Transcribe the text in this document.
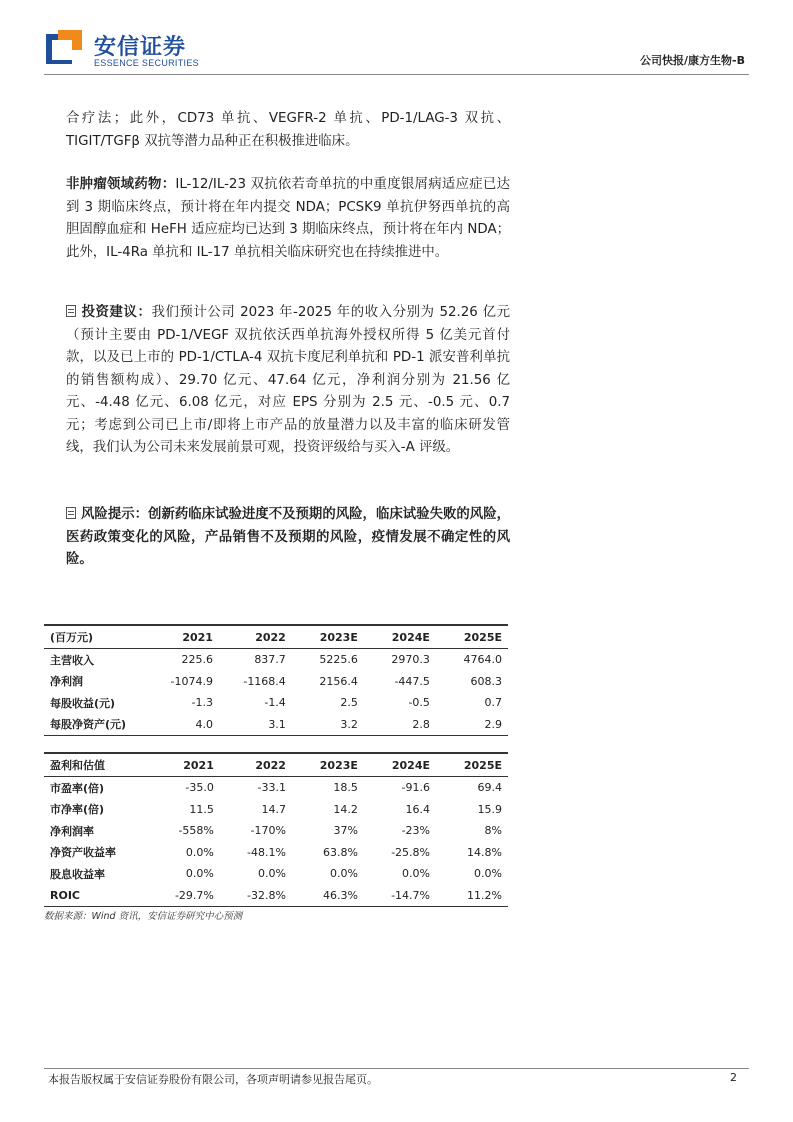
安信证券
ESSENCE SECURITIES	公司快报/康方生物-B
合疗法；此外，CD73 单抗、VEGFR-2 单抗、PD-1/LAG-3 双抗、TIGIT/TGFβ 双抗等潜力品种正在积极推进临床。
非肿瘤领域药物：IL-12/IL-23 双抗依若奇单抗的中重度银屑病适应症已达到 3 期临床终点，预计将在年内提交 NDA；PCSK9 单抗伊努西单抗的高胆固醇血症和 HeFH 适应症均已达到 3 期临床终点，预计将在年内 NDA；此外，IL-4Ra 单抗和 IL-17 单抗相关临床研究也在持续推进中。
投资建议：我们预计公司 2023 年-2025 年的收入分别为 52.26 亿元（预计主要由 PD-1/VEGF 双抗依沃西单抗海外授权所得 5 亿美元首付款，以及已上市的 PD-1/CTLA-4 双抗卡度尼利单抗和 PD-1 派安普利单抗的销售额构成）、29.70 亿元、47.64 亿元，净利润分别为 21.56 亿元、-4.48 亿元、6.08 亿元，对应 EPS 分别为 2.5 元、-0.5 元、0.7 元；考虑到公司已上市/即将上市产品的放量潜力以及丰富的临床研发管线，我们认为公司未来发展前景可观，投资评级给与买入-A 评级。
风险提示：创新药临床试验进度不及预期的风险，临床试验失败的风险，医药政策变化的风险，产品销售不及预期的风险，疫情发展不确定性的风险。
(百万元)	2021	2022	2023E	2024E	2025E
主营收入	225.6	837.7	5225.6	2970.3	4764.0
净利润	-1074.9	-1168.4	2156.4	-447.5	608.3
每股收益(元)	-1.3	-1.4	2.5	-0.5	0.7
每股净资产(元)	4.0	3.1	3.2	2.8	2.9
盈利和估值	2021	2022	2023E	2024E	2025E
市盈率(倍)	-35.0	-33.1	18.5	-91.6	69.4
市净率(倍)	11.5	14.7	14.2	16.4	15.9
净利润率	-558%	-170%	37%	-23%	8%
净资产收益率	0.0%	-48.1%	63.8%	-25.8%	14.8%
股息收益率	0.0%	0.0%	0.0%	0.0%	0.0%
ROIC	-29.7%	-32.8%	46.3%	-14.7%	11.2%
数据来源：Wind 资讯，安信证券研究中心预测
本报告版权属于安信证券股份有限公司，各项声明请参见报告尾页。	2
